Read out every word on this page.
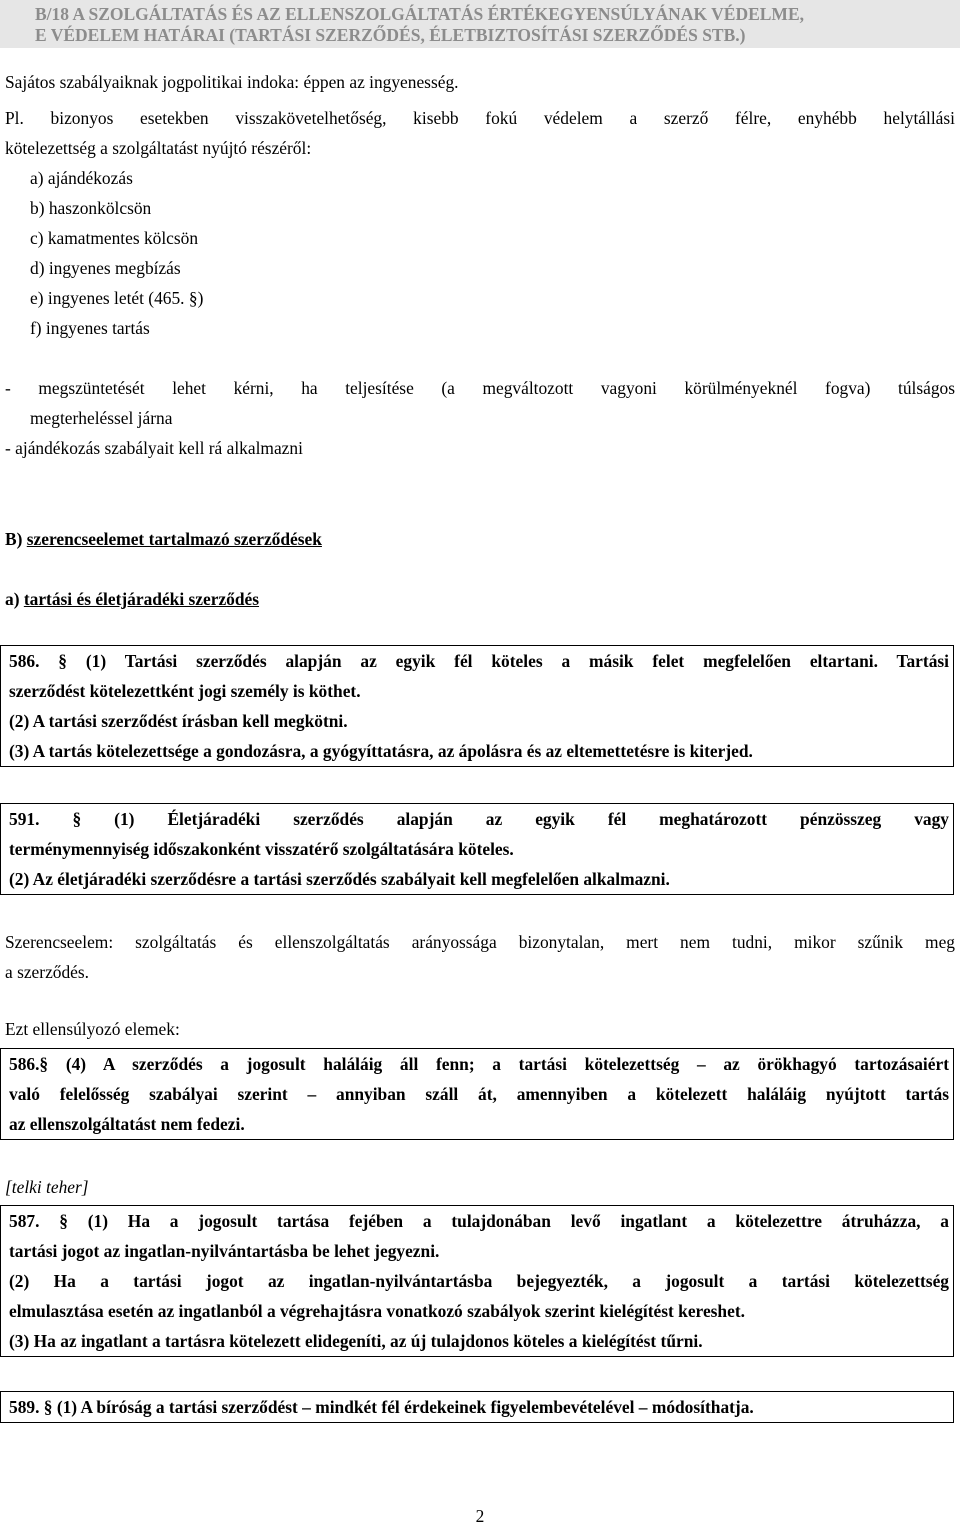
B/18 A SZOLGÁLTATÁS ÉS AZ ELLENSZOLGÁLTATÁS ÉRTÉKEGYENSÚLYÁNAK VÉDELME,
E VÉDELEM HATÁRAI (TARTÁSI SZERZŐDÉS, ÉLETBIZTOSÍTÁSI SZERZŐDÉS STB.)
Sajátos szabályaiknak jogpolitikai indoka: éppen az ingyenesség.
Pl. bizonyos esetekben visszakövetelhetőség, kisebb fokú védelem a szerző félre, enyhébb helytállási
kötelezettség a szolgáltatást nyújtó részéről:
a) ajándékozás
b) haszonkölcsön
c) kamatmentes kölcsön
d) ingyenes megbízás
e) ingyenes letét (465. §)
f) ingyenes tartás
- megszüntetését lehet kérni, ha teljesítése (a megváltozott vagyoni körülményeknél fogva) túlságos
megterheléssel járna
- ajándékozás szabályait kell rá alkalmazni
B) szerencseelemet tartalmazó szerződések
a) tartási és életjáradéki szerződés
586. § (1) Tartási szerződés alapján az egyik fél köteles a másik felet megfelelően eltartani. Tartási
szerződést kötelezettként jogi személy is köthet.
(2) A tartási szerződést írásban kell megkötni.
(3) A tartás kötelezettsége a gondozásra, a gyógyíttatásra, az ápolásra és az eltemettetésre is kiterjed.
591. § (1) Életjáradéki szerződés alapján az egyik fél meghatározott pénzösszeg vagy
terménymennyiség időszakonként visszatérő szolgáltatására köteles.
(2) Az életjáradéki szerződésre a tartási szerződés szabályait kell megfelelően alkalmazni.
Szerencseelem: szolgáltatás és ellenszolgáltatás arányossága bizonytalan, mert nem tudni, mikor szűnik meg
a szerződés.
Ezt ellensúlyozó elemek:
586.§ (4) A szerződés a jogosult haláláig áll fenn; a tartási kötelezettség – az örökhagyó tartozásaiért
való felelősség szabályai szerint – annyiban száll át, amennyiben a kötelezett haláláig nyújtott tartás
az ellenszolgáltatást nem fedezi.
[telki teher]
587. § (1) Ha a jogosult tartása fejében a tulajdonában levő ingatlant a kötelezettre átruházza, a
tartási jogot az ingatlan-nyilvántartásba be lehet jegyezni.
(2) Ha a tartási jogot az ingatlan-nyilvántartásba bejegyezték, a jogosult a tartási kötelezettség
elmulasztása esetén az ingatlanból a végrehajtásra vonatkozó szabályok szerint kielégítést kereshet.
(3) Ha az ingatlant a tartásra kötelezett elidegeníti, az új tulajdonos köteles a kielégítést tűrni.
589. § (1) A bíróság a tartási szerződést – mindkét fél érdekeinek figyelembevételével – módosíthatja.
2
